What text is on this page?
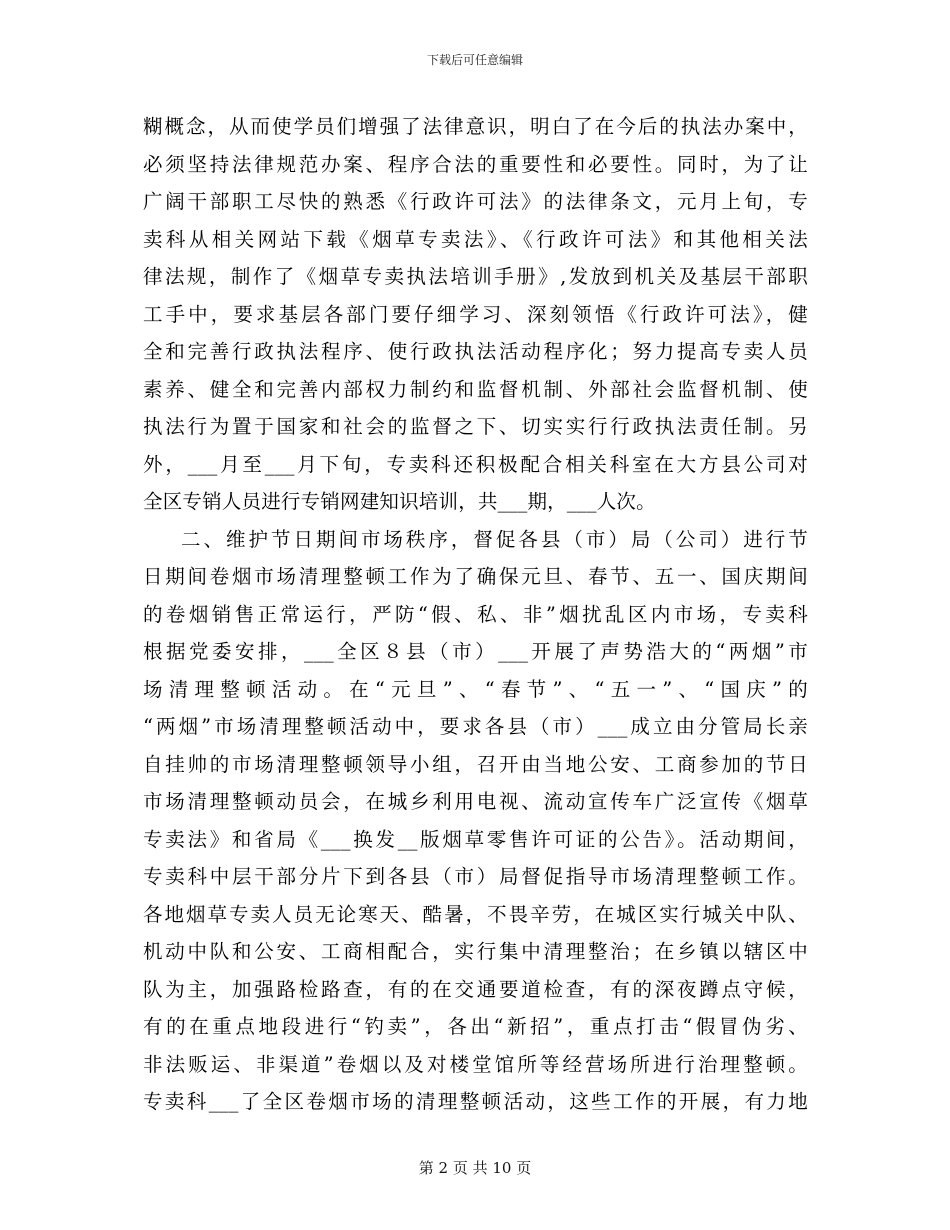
下载后可任意编辑
糊概念，从而使学员们增强了法律意识，明白了在今后的执法办案中，
必须坚持法律规范办案、程序合法的重要性和必要性。同时，为了让
广阔干部职工尽快的熟悉《行政许可法》的法律条文，元月上旬，专
卖科从相关网站下载《烟草专卖法》、《行政许可法》和其他相关法
律法规，制作了《烟草专卖执法培训手册》,发放到机关及基层干部职
工手中，要求基层各部门要仔细学习、深刻领悟《行政许可法》，健
全和完善行政执法程序、使行政执法活动程序化；努力提高专卖人员
素养、健全和完善内部权力制约和监督机制、外部社会监督机制、使
执法行为置于国家和社会的监督之下、切实实行行政执法责任制。另
外，___月至___月下旬，专卖科还积极配合相关科室在大方县公司对
全区专销人员进行专销网建知识培训，共___期，___人次。
二、维护节日期间市场秩序，督促各县（市）局（公司）进行节
日期间卷烟市场清理整顿工作为了确保元旦、春节、五一、国庆期间
的卷烟销售正常运行，严防“假、私、非”烟扰乱区内市场，专卖科
根据党委安排，___全区８县（市）___开展了声势浩大的“两烟”市
场清理整顿活动。在“元旦”、“春节”、“五一”、“国庆”的
“两烟”市场清理整顿活动中，要求各县（市）___成立由分管局长亲
自挂帅的市场清理整顿领导小组，召开由当地公安、工商参加的节日
市场清理整顿动员会，在城乡利用电视、流动宣传车广泛宣传《烟草
专卖法》和省局《___换发__版烟草零售许可证的公告》。活动期间，
专卖科中层干部分片下到各县（市）局督促指导市场清理整顿工作。
各地烟草专卖人员无论寒天、酷暑，不畏辛劳，在城区实行城关中队、
机动中队和公安、工商相配合，实行集中清理整治；在乡镇以辖区中
队为主，加强路检路查，有的在交通要道检查，有的深夜蹲点守候，
有的在重点地段进行“钓卖”，各出“新招”，重点打击“假冒伪劣、
非法贩运、非渠道”卷烟以及对楼堂馆所等经营场所进行治理整顿。
专卖科___了全区卷烟市场的清理整顿活动，这些工作的开展，有力地
第 2 页 共 10 页
